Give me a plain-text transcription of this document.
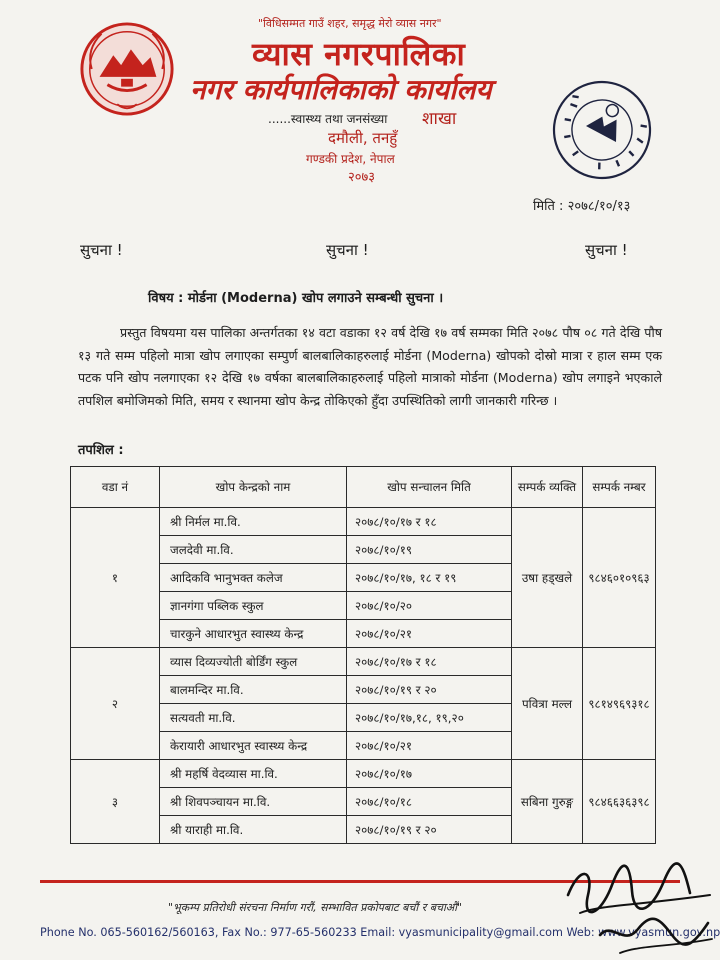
"विधिसम्मत गाउँ शहर, समृद्ध मेरो व्यास नगर"
व्यास नगरपालिका
नगर कार्यपालिकाको कार्यालय
......स्वास्थ्य तथा जनसंख्या शाखा
दमौली, तनहुँ
गण्डकी प्रदेश, नेपाल
२०७३
मिति : २०७८/१०/१३
सुचना !	सुचना !	सुचना !
विषय : मोर्डना (Moderna) खोप लगाउने सम्बन्धी सुचना ।
प्रस्तुत विषयमा यस पालिका अन्तर्गतका १४ वटा वडाका १२ वर्ष देखि १७ वर्ष सम्मका मिति २०७८ पौष ०८ गते देखि पौष १३ गते सम्म पहिलो मात्रा खोप लगाएका सम्पुर्ण बालबालिकाहरुलाई मोर्डना (Moderna) खोपको दोस्रो मात्रा र हाल सम्म एक पटक पनि खोप नलगाएका १२ देखि १७ वर्षका बालबालिकाहरुलाई पहिलो मात्राको मोर्डना (Moderna) खोप लगाइने भएकाले तपशिल बमोजिमको मिति, समय र स्थानमा खोप केन्द्र तोकिएको हुँदा उपस्थितिको लागी जानकारी गरिन्छ ।
तपशिल :
वडा नं	खोप केन्द्रको नाम	खोप सन्चालन मिति	सम्पर्क व्यक्ति	सम्पर्क नम्बर
१	श्री निर्मल मा.वि.	२०७८/१०/१७ र १८	उषा हड्खले	९८४६०१०९६३
	जलदेवी मा.वि.	२०७८/१०/१९		
	आदिकवि भानुभक्त कलेज	२०७८/१०/१७, १८ र १९		
	ज्ञानगंगा पब्लिक स्कुल	२०७८/१०/२०		
	चारकुने आधारभुत स्वास्थ्य केन्द्र	२०७८/१०/२१		
२	व्यास दिव्यज्योती बोर्डिंग स्कुल	२०७८/१०/१७ र १८	पवित्रा मल्ल	९८१४९६९३१८
	बालमन्दिर मा.वि.	२०७८/१०/१९ र २०		
	सत्यवती मा.वि.	२०७८/१०/१७,१८, १९,२०		
	केरायारी आधारभुत स्वास्थ्य केन्द्र	२०७८/१०/२१		
३	श्री महर्षि वेदव्यास मा.वि.	२०७८/१०/१७	सबिना गुरुङ्ग	९८४६६३६३९८
	श्री शिवपञ्चायन मा.वि.	२०७८/१०/१८		
	श्री याराही मा.वि.	२०७८/१०/१९ र २०		
"भूकम्प प्रतिरोधी संरचना निर्माण गरौं, सम्भावित प्रकोपबाट बचौं र बचाऔं"
Phone No. 065-560162/560163, Fax No.: 977-65-560233 Email: vyasmunicipality@gmail.com Web: www.vyasmun.gov.np
